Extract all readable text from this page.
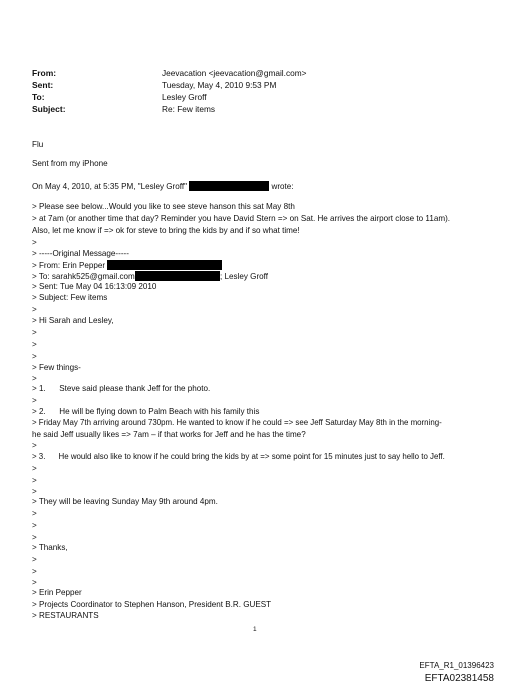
From:	Jeevacation <jeevacation@gmail.com>
Sent:	Tuesday, May 4, 2010 9:53 PM
To:	Lesley Groff
Subject:	Re: Few items
Flu
Sent from my iPhone
On May 4, 2010, at 5:35 PM, "Lesley Groff"	wrote:
> Please see below...Would you like to see steve hanson this sat May 8th
> at 7am (or another time that day? Reminder you have David Stern => on Sat. He arrives the airport close to 11am).
Also, let me know if => ok for steve to bring the kids by and if so what time!
>
> -----Original Message-----
> From: Erin Pepper
> To: sarahk525@gmail.com	; Lesley Groff
> Sent: Tue May 04 16:13:09 2010
> Subject: Few items
>
> Hi Sarah and Lesley,
>
>
>
> Few things-
>
> 1.      Steve said please thank Jeff for the photo.
>
> 2.      He will be flying down to Palm Beach with his family this
> Friday May 7th arriving around 730pm. He wanted to know if he could => see Jeff Saturday May 8th in the morning-
he said Jeff usually likes => 7am – if that works for Jeff and he has the time?
>
> 3.      He would also like to know if he could bring the kids by at => some point for 15 minutes just to say hello to Jeff.
>
>
>
> They will be leaving Sunday May 9th around 4pm.
>
>
>
> Thanks,
>
>
>
> Erin Pepper
> Projects Coordinator to Stephen Hanson, President B.R. GUEST
> RESTAURANTS
1
EFTA_R1_01396423
EFTA02381458
